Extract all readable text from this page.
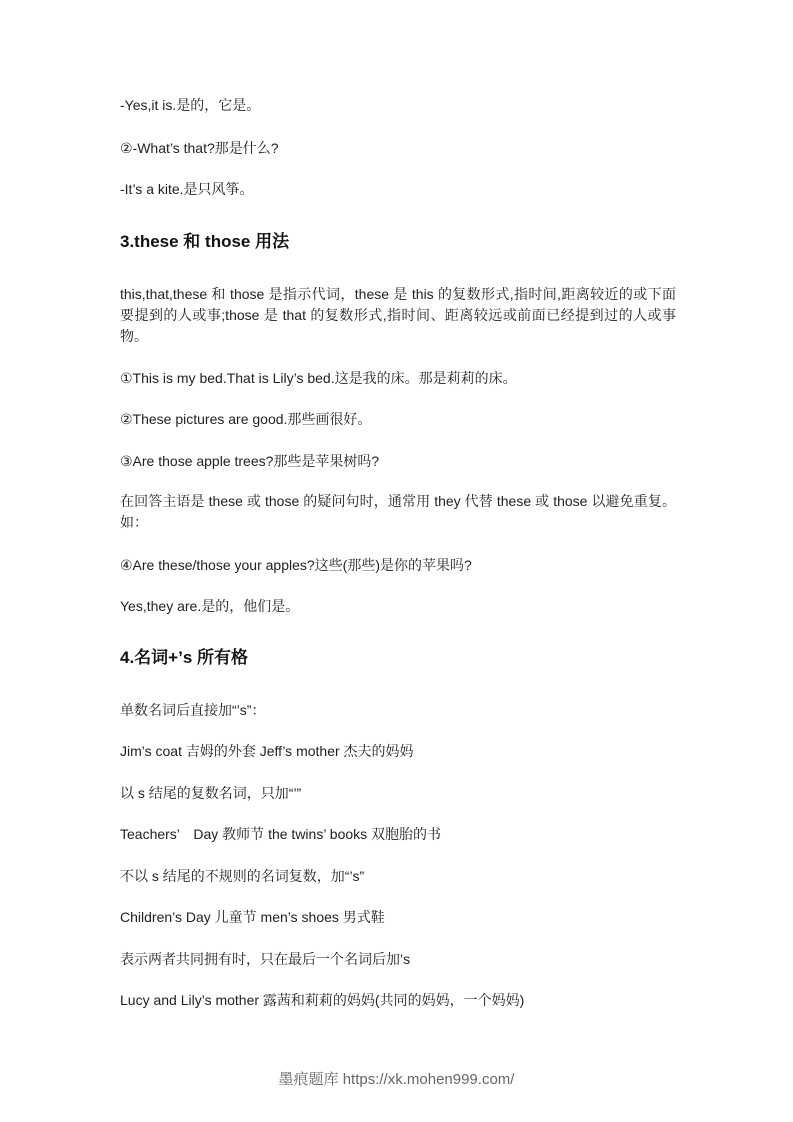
-Yes,it is.是的，它是。
②-What’s that?那是什么?
-It’s a kite.是只风筝。
3.these 和 those 用法
this,that,these 和 those 是指示代词，these 是 this 的复数形式,指时间,距离较近的或下面要提到的人或事;those 是 that 的复数形式,指时间、距离较远或前面已经提到过的人或事物。
①This is my bed.That is Lily’s bed.这是我的床。那是莉莉的床。
②These pictures are good.那些画很好。
③Are those apple trees?那些是苹果树吗?
在回答主语是 these 或 those 的疑问句时，通常用 they 代替 these 或 those 以避免重复。如：
④Are these/those your apples?这些(那些)是你的苹果吗?
Yes,they are.是的，他们是。
4.名词+’s 所有格
单数名词后直接加“’s”：
Jim’s coat 吉姆的外套 Jeff’s mother 杰夫的妈妈
以 s 结尾的复数名词，只加“’”
Teachers’　Day 教师节 the twins’ books 双胞胎的书
不以 s 结尾的不规则的名词复数，加“’s”
Children’s Day 儿童节 men’s shoes 男式鞋
表示两者共同拥有时，只在最后一个名词后加’s
Lucy and Lily’s mother 露茜和莉莉的妈妈(共同的妈妈，一个妈妈)
墨痕题库 https://xk.mohen999.com/
